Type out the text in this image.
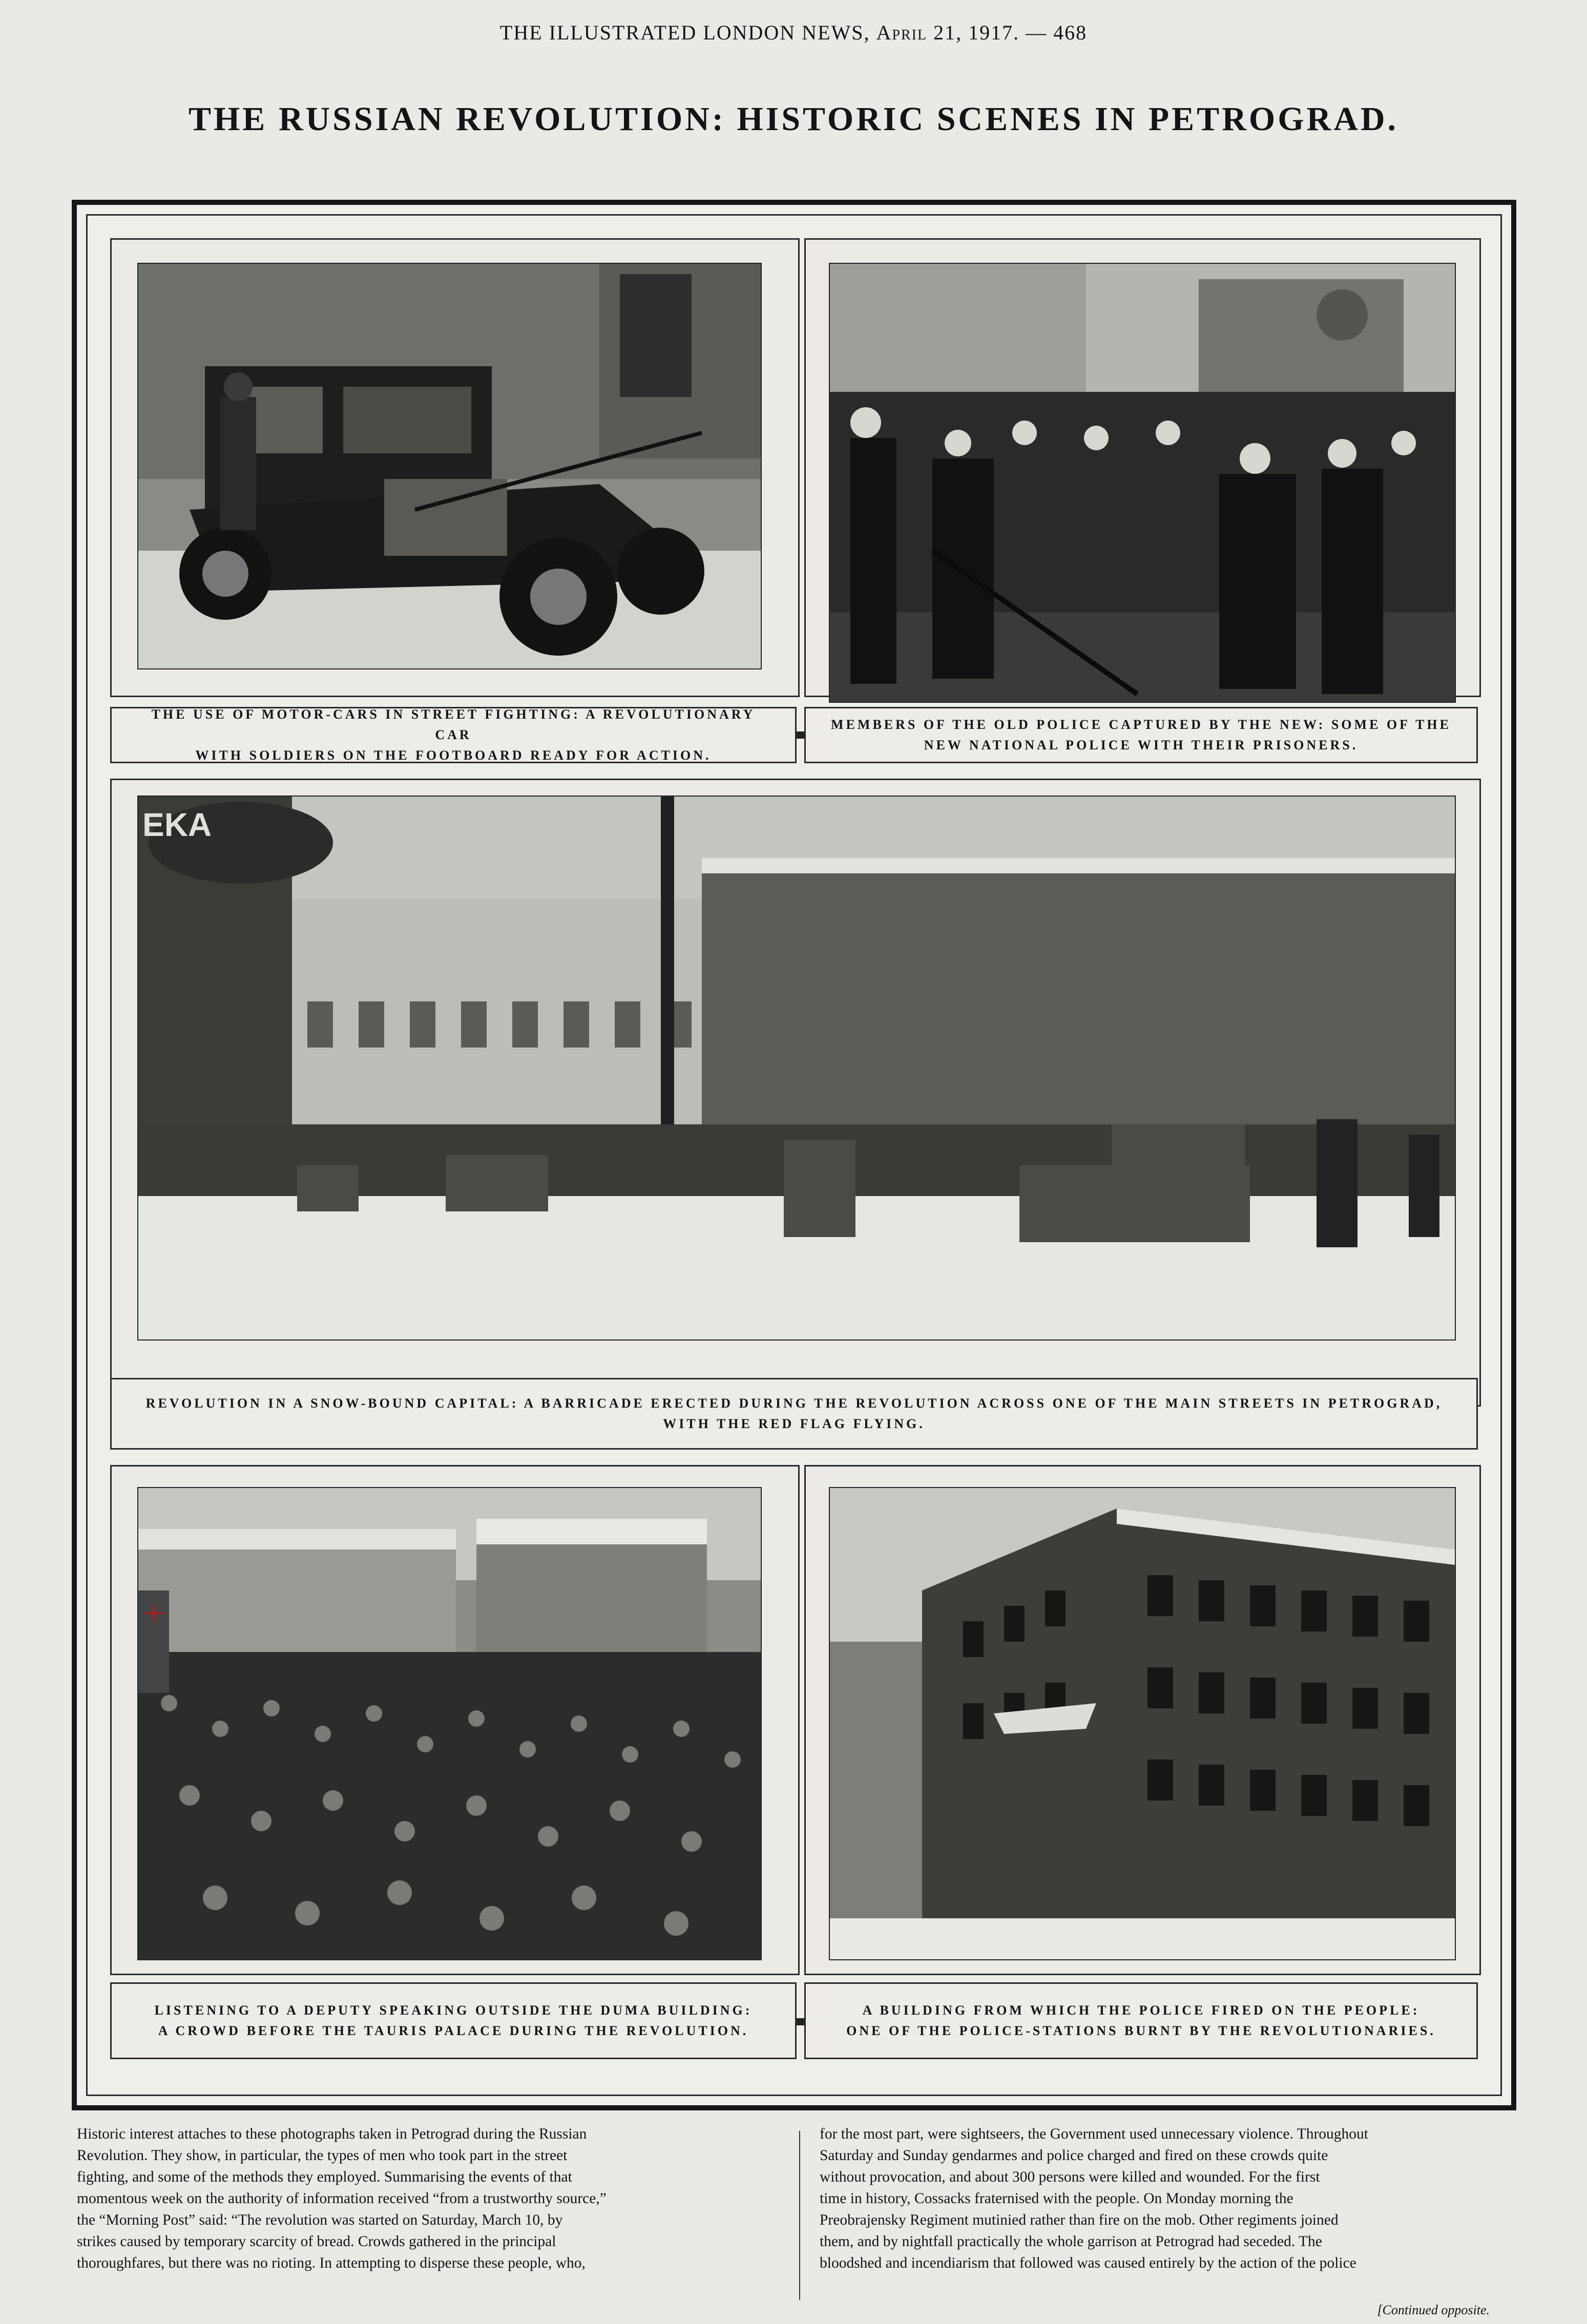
THE ILLUSTRATED LONDON NEWS, April 21, 1917. — 468
THE RUSSIAN REVOLUTION: HISTORIC SCENES IN PETROGRAD.
THE USE OF MOTOR-CARS IN STREET FIGHTING: A REVOLUTIONARY CAR
WITH SOLDIERS ON THE FOOTBOARD READY FOR ACTION.
MEMBERS OF THE OLD POLICE CAPTURED BY THE NEW: SOME OF THE
NEW NATIONAL POLICE WITH THEIR PRISONERS.
EKA
REVOLUTION IN A SNOW-BOUND CAPITAL: A BARRICADE ERECTED DURING THE REVOLUTION ACROSS ONE OF THE MAIN STREETS IN PETROGRAD,
WITH THE RED FLAG FLYING.
+
LISTENING TO A DEPUTY SPEAKING OUTSIDE THE DUMA BUILDING:
A CROWD BEFORE THE TAURIS PALACE DURING THE REVOLUTION.
A BUILDING FROM WHICH THE POLICE FIRED ON THE PEOPLE:
ONE OF THE POLICE-STATIONS BURNT BY THE REVOLUTIONARIES.
Historic interest attaches to these photographs taken in Petrograd during the Russian
Revolution. They show, in particular, the types of men who took part in the street
fighting, and some of the methods they employed. Summarising the events of that
momentous week on the authority of information received “from a trustworthy source,”
the “Morning Post” said: “The revolution was started on Saturday, March 10, by
strikes caused by temporary scarcity of bread. Crowds gathered in the principal
thoroughfares, but there was no rioting. In attempting to disperse these people, who,
for the most part, were sightseers, the Government used unnecessary violence. Throughout
Saturday and Sunday gendarmes and police charged and fired on these crowds quite
without provocation, and about 300 persons were killed and wounded. For the first
time in history, Cossacks fraternised with the people. On Monday morning the
Preobrajensky Regiment mutinied rather than fire on the mob. Other regiments joined
them, and by nightfall practically the whole garrison at Petrograd had seceded. The
bloodshed and incendiarism that followed was caused entirely by the action of the police
[Continued opposite.
